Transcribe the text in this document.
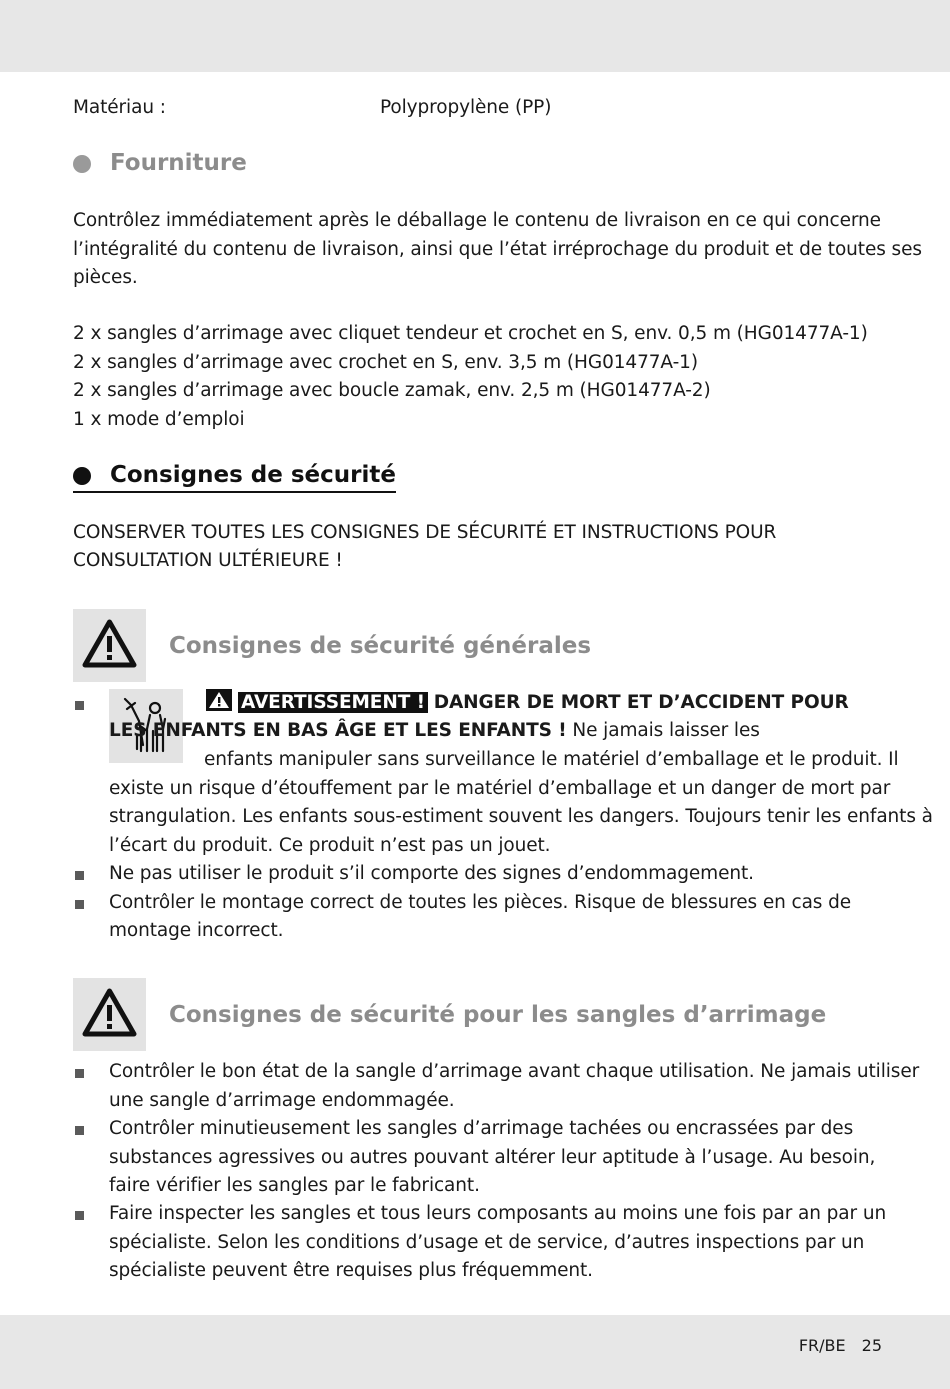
Matériau :	Polypropylène (PP)
Fourniture
Contrôlez immédiatement après le déballage le contenu de livraison en ce qui concerne
l’intégralité du contenu de livraison, ainsi que l’état irréprochage du produit et de toutes ses
pièces.
2 x sangles d’arrimage avec cliquet tendeur et crochet en S, env. 0,5 m (HG01477A-1)
2 x sangles d’arrimage avec crochet en S, env. 3,5 m (HG01477A-1)
2 x sangles d’arrimage avec boucle zamak, env. 2,5 m (HG01477A-2)
1 x mode d’emploi
Consignes de sécurité
CONSERVER TOUTES LES CONSIGNES DE SÉCURITÉ ET INSTRUCTIONS POUR
CONSULTATION ULTÉRIEURE !
Consignes de sécurité générales
AVERTISSEMENT ! DANGER DE MORT ET D’ACCIDENT POUR
LES ENFANTS EN BAS ÂGE ET LES ENFANTS ! Ne jamais laisser les
enfants manipuler sans surveillance le matériel d’emballage et le produit. Il
existe un risque d’étouffement par le matériel d’emballage et un danger de mort par
strangulation. Les enfants sous-estiment souvent les dangers. Toujours tenir les enfants à
l’écart du produit. Ce produit n’est pas un jouet.
Ne pas utiliser le produit s’il comporte des signes d’endommagement.
Contrôler le montage correct de toutes les pièces. Risque de blessures en cas de
montage incorrect.
Consignes de sécurité pour les sangles d’arrimage
Contrôler le bon état de la sangle d’arrimage avant chaque utilisation. Ne jamais utiliser
une sangle d’arrimage endommagée.
Contrôler minutieusement les sangles d’arrimage tachées ou encrassées par des
substances agressives ou autres pouvant altérer leur aptitude à l’usage. Au besoin,
faire vérifier les sangles par le fabricant.
Faire inspecter les sangles et tous leurs composants au moins une fois par an par un
spécialiste. Selon les conditions d’usage et de service, d’autres inspections par un
spécialiste peuvent être requises plus fréquemment.
FR/BE 25
